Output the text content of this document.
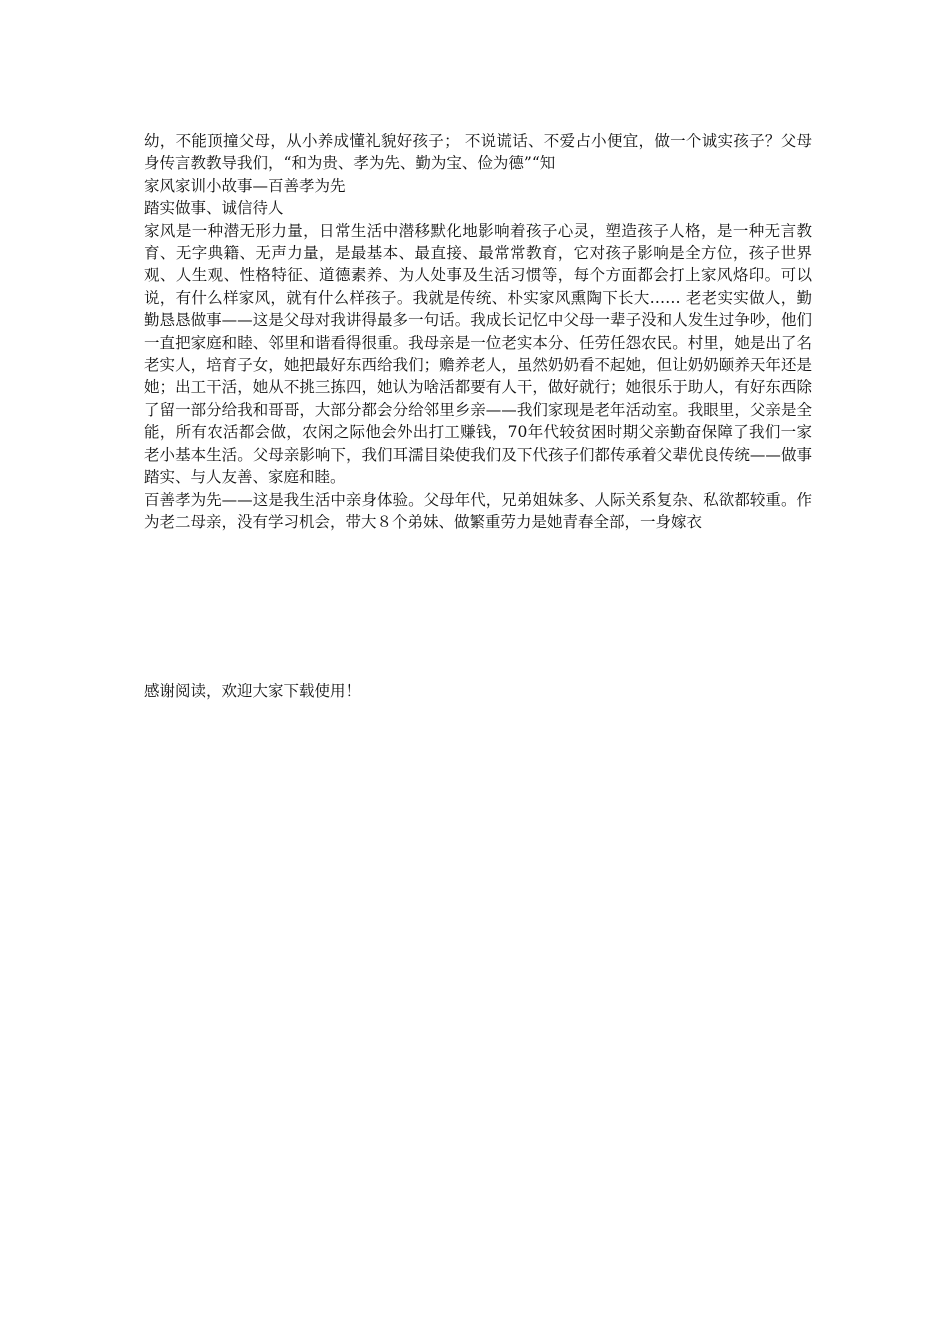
幼，不能顶撞父母，从小养成懂礼貌好孩子； 不说谎话、不爱占小便宜，做一个诚实孩子？父母身传言教教导我们，“和为贵、孝为先、勤为宝、俭为德”“知

家风家训小故事—百善孝为先

踏实做事、诚信待人

家风是一种潜无形力量，日常生活中潜移默化地影响着孩子心灵，塑造孩子人格，是一种无言教育、无字典籍、无声力量，是最基本、最直接、最常常教育，它对孩子影响是全方位，孩子世界观、人生观、性格特征、道德素养、为人处事及生活习惯等，每个方面都会打上家风烙印。可以说，有什么样家风，就有什么样孩子。我就是传统、朴实家风熏陶下长大…… 老老实实做人，勤勤恳恳做事——这是父母对我讲得最多一句话。我成长记忆中父母一辈子没和人发生过争吵，他们一直把家庭和睦、邻里和谐看得很重。我母亲是一位老实本分、任劳任怨农民。村里，她是出了名老实人，培育子女，她把最好东西给我们；赡养老人，虽然奶奶看不起她，但让奶奶颐养天年还是她；出工干活，她从不挑三拣四，她认为啥活都要有人干，做好就行；她很乐于助人，有好东西除了留一部分给我和哥哥，大部分都会分给邻里乡亲——我们家现是老年活动室。我眼里，父亲是全能，所有农活都会做，农闲之际他会外出打工赚钱，70年代较贫困时期父亲勤奋保障了我们一家老小基本生活。父母亲影响下，我们耳濡目染使我们及下代孩子们都传承着父辈优良传统——做事踏实、与人友善、家庭和睦。

百善孝为先——这是我生活中亲身体验。父母年代，兄弟姐妹多、人际关系复杂、私欲都较重。作为老二母亲，没有学习机会，带大８个弟妹、做繁重劳力是她青春全部，一身嫁衣

感谢阅读，欢迎大家下载使用！
